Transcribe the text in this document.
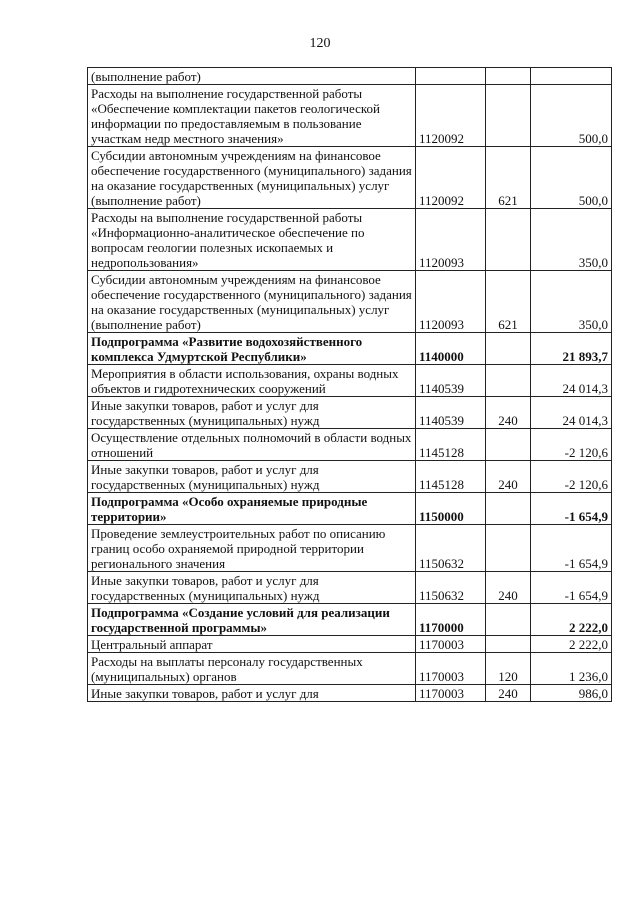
120
(выполнение работ)			
Расходы на выполнение государственной работы «Обеспечение комплектации пакетов геологической информации по предоставляемым в пользование участкам недр местного значения»	1120092		500,0
Субсидии автономным учреждениям на финансовое обеспечение государственного (муниципального) задания на оказание государственных (муниципальных) услуг (выполнение работ)	1120092	621	500,0
Расходы на выполнение государственной работы «Информационно-аналитическое обеспечение по вопросам геологии полезных ископаемых и недропользования»	1120093		350,0
Субсидии автономным учреждениям на финансовое обеспечение государственного (муниципального) задания на оказание государственных (муниципальных) услуг (выполнение работ)	1120093	621	350,0
Подпрограмма «Развитие водохозяйственного комплекса Удмуртской Республики»	1140000		21 893,7
Мероприятия в области использования, охраны водных объектов и гидротехнических сооружений	1140539		24 014,3
Иные закупки товаров, работ и услуг для государственных (муниципальных) нужд	1140539	240	24 014,3
Осуществление отдельных полномочий в области водных отношений	1145128		-2 120,6
Иные закупки товаров, работ и услуг для государственных (муниципальных) нужд	1145128	240	-2 120,6
Подпрограмма «Особо охраняемые природные территории»	1150000		-1 654,9
Проведение землеустроительных работ по описанию границ особо охраняемой природной территории регионального значения	1150632		-1 654,9
Иные закупки товаров, работ и услуг для государственных (муниципальных) нужд	1150632	240	-1 654,9
Подпрограмма «Создание условий для реализации государственной программы»	1170000		2 222,0
Центральный аппарат	1170003		2 222,0
Расходы на выплаты персоналу государственных (муниципальных) органов	1170003	120	1 236,0
Иные закупки товаров, работ и услуг для	1170003	240	986,0
